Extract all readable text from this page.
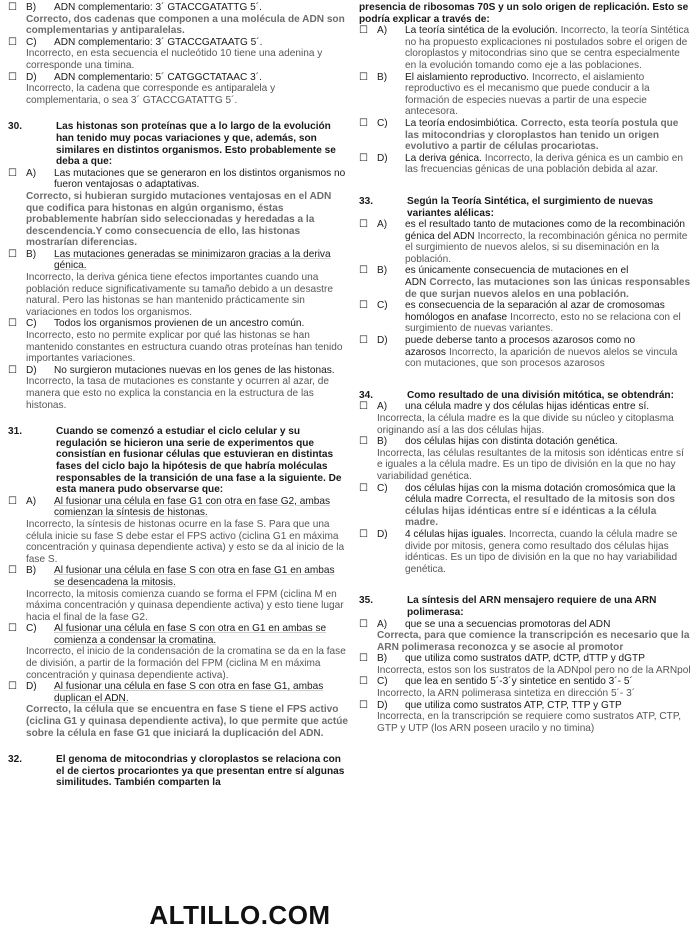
☐ B)	ADN complementario: 3´ GTACCGATATTG 5´.
Correcto, dos cadenas que componen a una molécula de ADN son complementarias y antiparalelas.
☐ C)	ADN complementario: 3´ GTACCGATAATG 5´.
Incorrecto, en esta secuencia el nucleótido 10 tiene una adenina y corresponde una timina.
☐ D)	ADN complementario: 5´ CATGGCTATAAC 3´.
Incorrecto, la cadena que corresponde es antiparalela y complementaria, o sea 3´ GTACCGATATTG 5´.
30.	Las histonas son proteínas que a lo largo de la evolución han tenido muy pocas variaciones y que, además, son similares en distintos organismos. Esto probablemente se deba a que:
☐ A)	Las mutaciones que se generaron en los distintos organismos no fueron ventajosas o adaptativas.
Correcto, si hubieran surgido mutaciones ventajosas en el ADN que codifica para histonas en algún organismo, éstas probablemente habrían sido seleccionadas y heredadas a la descendencia.Y como consecuencia de ello, las histonas mostrarían diferencias.
☐ B)	Las mutaciones generadas se minimizaron gracias a la deriva génica.
Incorrecto, la deriva génica tiene efectos importantes cuando una población reduce significativamente su tamaño debido a un desastre natural. Pero las histonas se han mantenido prácticamente sin variaciones en todos los organismos.
☐ C)	Todos los organismos provienen de un ancestro común.
Incorrecto, esto no permite explicar por qué las histonas se han mantenido constantes en estructura cuando otras proteínas han tenido importantes variaciones.
☐ D)	No surgieron mutaciones nuevas en los genes de las histonas.
Incorrecto, la tasa de mutaciones es constante y ocurren al azar, de manera que esto no explica la constancia en la estructura de las histonas.
31.	Cuando se comenzó a estudiar el ciclo celular y su regulación se hicieron una serie de experimentos que consistían en fusionar células que estuvieran en distintas fases del ciclo bajo la hipótesis de que habría moléculas responsables de la transición de una fase a la siguiente. De esta manera pudo observarse que:
☐ A)	Al fusionar una célula en fase G1 con otra en fase G2, ambas comienzan la síntesis de histonas.
Incorrecto, la síntesis de histonas ocurre en la fase S. Para que una célula inicie su fase S debe estar el FPS activo (ciclina G1 en máxima concentración y quinasa dependiente activa) y esto se da al inicio de la fase S.
☐ B)	Al fusionar una célula en fase S con otra en fase G1 en ambas se desencadena la mitosis.
Incorrecto, la mitosis comienza cuando se forma el FPM (ciclina M en máxima concentración y quinasa dependiente activa) y esto tiene lugar hacia el final de la fase G2.
☐ C)	Al fusionar una célula en fase S con otra en G1 en ambas se comienza a condensar la cromatina.
Incorrecto, el inicio de la condensación de la cromatina se da en la fase de división, a partir de la formación del FPM (ciclina M en máxima concentración y quinasa dependiente activa).
☐ D)	Al fusionar una célula en fase S con otra en fase G1, ambas duplican el ADN.
Correcto, la célula que se encuentra en fase S tiene el FPS activo (ciclina G1 y quinasa dependiente activa), lo que permite que actúe sobre la célula en fase G1 que iniciará la duplicación del ADN.
32.	El genoma de mitocondrias y cloroplastos se relaciona con el de ciertos procariontes ya que presentan entre sí algunas similitudes. También comparten la
presencia de ribosomas 70S y un solo origen de replicación. Esto se podría explicar a través de:
☐ A)	La teoría sintética de la evolución. Incorrecto, la teoría Sintética no ha propuesto explicaciones ni postulados sobre el origen de cloroplastos y mitocondrias sino que se centra especialmente en la evolución tomando como eje a las poblaciones.
☐ B)	El aislamiento reproductivo. Incorrecto, el aislamiento reproductivo es el mecanismo que puede conducir a la formación de especies nuevas a partir de una especie antecesora.
☐ C)	La teoría endosimbiótica. Correcto, esta teoría postula que las mitocondrias y cloroplastos han tenido un origen evolutivo a partir de células procariotas.
☐ D)	La deriva génica. Incorrecto, la deriva génica es un cambio en las frecuencias génicas de una población debida al azar.
33.	Según la Teoría Sintética, el surgimiento de nuevas variantes alélicas:
☐ A)	es el resultado tanto de mutaciones como de la recombinación génica del ADN Incorrecto, la recombinación génica no permite el surgimiento de nuevos alelos, si su diseminación en la población.
☐ B)	es únicamente consecuencia de mutaciones en el ADN Correcto, las mutaciones son las únicas responsables de que surjan nuevos alelos en una población.
☐ C)	es consecuencia de la separación al azar de cromosomas homólogos en anafase Incorrecto, esto no se relaciona con el surgimiento de nuevas variantes.
☐ D)	puede deberse tanto a procesos azarosos como no azarosos Incorrecto, la aparición de nuevos alelos se vincula con mutaciones, que son procesos azarosos
34.	Como resultado de una división mitótica, se obtendrán:
☐ A)	una célula madre y dos células hijas idénticas entre sí.
Incorrecta, la célula madre es la que divide su núcleo y citoplasma originando así a las dos células hijas.
☐ B)	dos células hijas con distinta dotación genética.
Incorrecta, las células resultantes de la mitosis son idénticas entre sí e iguales a la célula madre. Es un tipo de división en la que no hay variabilidad genética.
☐ C)	dos células hijas con la misma dotación cromosómica que la célula madre Correcta, el resultado de la mitosis son dos células hijas idénticas entre sí e idénticas a la célula madre.
☐ D)	4 células hijas iguales. Incorrecta, cuando la célula madre se divide por mitosis, genera como resultado dos células hijas idénticas. Es un tipo de división en la que no hay variabilidad genética.
35.	La síntesis del ARN mensajero requiere de una ARN polimerasa:
☐ A)	que se una a secuencias promotoras del ADN
Correcta, para que comience la transcripción es necesario que la ARN polimerasa reconozca y se asocie al promotor
☐ B)	que utiliza como sustratos dATP, dCTP, dTTP y dGTP
Incorrecta, estos son los sustratos de la ADNpol pero no de la ARNpol
☐ C)	que lea en sentido 5´-3´y sintetice en sentido 3´- 5´
Incorrecto, la ARN polimerasa sintetiza en dirección 5´- 3´
☐ D)	que utiliza como sustratos ATP, CTP, TTP y GTP
Incorrecta, en la transcripción se requiere como sustratos ATP, CTP, GTP y UTP (los ARN poseen uracilo y no timina)
ALTILLO.COM
